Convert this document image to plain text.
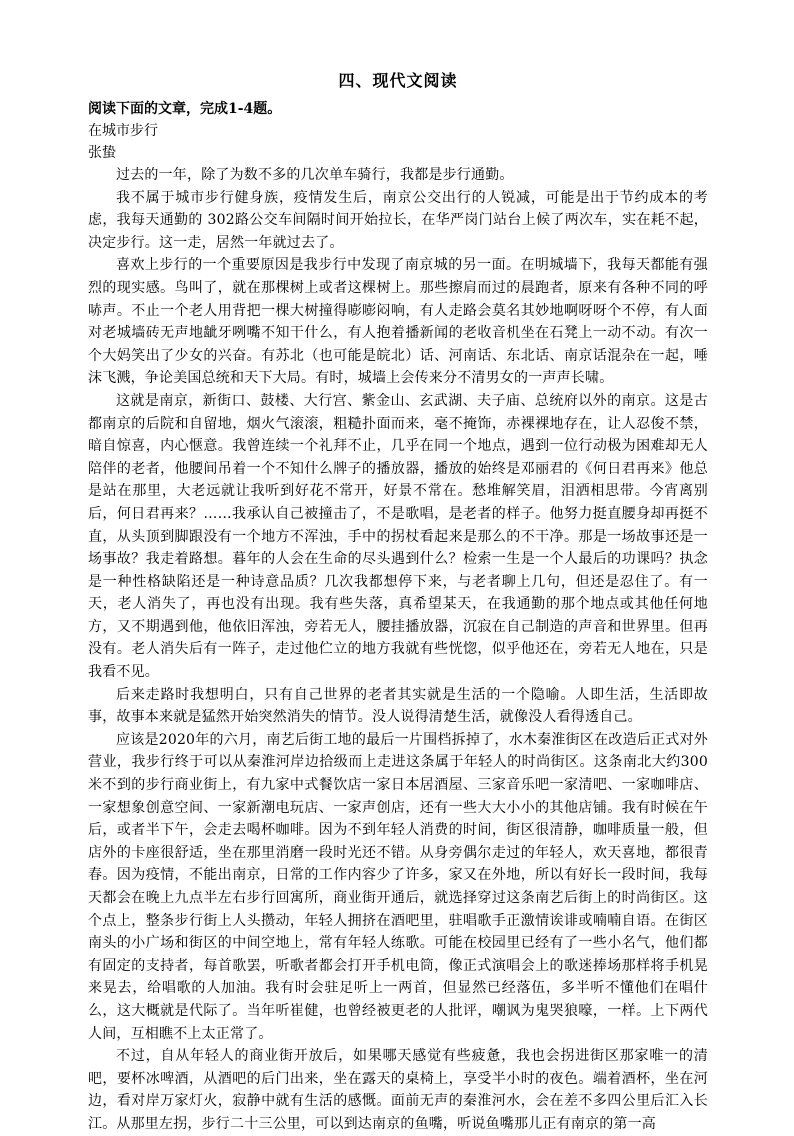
四、现代文阅读

阅读下面的文章，完成1-4题。

在城市步行

张蛰

过去的一年，除了为数不多的几次单车骑行，我都是步行通勤。

我不属于城市步行健身族，疫情发生后，南京公交出行的人锐减，可能是出于节约成本的考虑，我每天通勤的 302路公交车间隔时间开始拉长，在华严岗门站台上候了两次车，实在耗不起，决定步行。这一走，居然一年就过去了。

喜欢上步行的一个重要原因是我步行中发现了南京城的另一面。在明城墙下，我每天都能有强烈的现实感。鸟叫了，就在那棵树上或者这棵树上。那些擦肩而过的晨跑者，原来有各种不同的呼哧声。不止一个老人用背把一棵大树撞得嘭嘭闷响，有人走路会莫名其妙地啊呀呀个不停，有人面对老城墙砖无声地龇牙咧嘴不知干什么，有人抱着播新闻的老收音机坐在石凳上一动不动。有次一个大妈笑出了少女的兴奋。有苏北（也可能是皖北）话、河南话、东北话、南京话混杂在一起，唾沫飞溅，争论美国总统和天下大局。有时，城墙上会传来分不清男女的一声声长啸。

这就是南京，新街口、鼓楼、大行宫、紫金山、玄武湖、夫子庙、总统府以外的南京。这是古都南京的后院和自留地，烟火气滚滚，粗糙扑面而来，毫不掩饰，赤裸裸地存在，让人忍俊不禁，暗自惊喜，内心惬意。我曾连续一个礼拜不止，几乎在同一个地点，遇到一位行动极为困难却无人陪伴的老者，他腰间吊着一个不知什么牌子的播放器，播放的始终是邓丽君的《何日君再来》他总是站在那里，大老远就让我听到好花不常开，好景不常在。愁堆解笑眉，泪洒相思带。今宵离别后，何日君再来？……我承认自己被撞击了，不是歌唱，是老者的样子。他努力挺直腰身却再挺不直，从头顶到脚跟没有一个地方不浑浊，手中的拐杖看起来是那么的不干净。那是一场故事还是一场事故？我走着路想。暮年的人会在生命的尽头遇到什么？检索一生是一个人最后的功课吗？执念是一种性格缺陷还是一种诗意品质？几次我都想停下来，与老者聊上几句，但还是忍住了。有一天，老人消失了，再也没有出现。我有些失落，真希望某天，在我通勤的那个地点或其他任何地方，又不期遇到他，他依旧浑浊，旁若无人，腰挂播放器，沉寂在自己制造的声音和世界里。但再没有。老人消失后有一阵子，走过他伫立的地方我就有些恍惚，似乎他还在，旁若无人地在，只是我看不见。

后来走路时我想明白，只有自己世界的老者其实就是生活的一个隐喻。人即生活，生活即故事，故事本来就是猛然开始突然消失的情节。没人说得清楚生活，就像没人看得透自己。

应该是2020年的六月，南艺后街工地的最后一片围档拆掉了，水木秦淮街区在改造后正式对外营业，我步行终于可以从秦淮河岸边拾级而上走进这条属于年轻人的时尚街区。这条南北大约300米不到的步行商业街上，有九家中式餐饮店一家日本居酒屋、三家音乐吧一家清吧、一家咖啡店、一家想象创意空间、一家新潮电玩店、一家声创店，还有一些大大小小的其他店铺。我有时候在午后，或者半下午，会走去喝杯咖啡。因为不到年轻人消费的时间，街区很清静，咖啡质量一般，但店外的卡座很舒适，坐在那里消磨一段时光还不错。从身旁偶尔走过的年轻人，欢天喜地，都很青春。因为疫情，不能出南京，日常的工作内容少了许多，家又在外地，所以有好长一段时间，我每天都会在晚上九点半左右步行回寓所，商业街开通后，就选择穿过这条南艺后街上的时尚街区。这个点上，整条步行街上人头攒动，年轻人拥挤在酒吧里，驻唱歌手正激情诶诽或喃喃自语。在街区南头的小广场和街区的中间空地上，常有年轻人练歌。可能在校园里已经有了一些小名气，他们都有固定的支持者，每首歌罢，听歌者都会打开手机电筒，像正式演唱会上的歌迷捧场那样将手机晃来晃去，给唱歌的人加油。我有时会驻足听上一两首，但显然已经落伍，多半听不懂他们在唱什么，这大概就是代际了。当年听崔健，也曾经被更老的人批评，嘲讽为鬼哭狼嚎，一样。上下两代人间，互相瞧不上太正常了。

不过，自从年轻人的商业街开放后，如果哪天感觉有些疲惫，我也会拐进街区那家唯一的清吧，要杯冰啤酒，从酒吧的后门出来，坐在露天的桌椅上，享受半小时的夜色。端着酒杯，坐在河边，看对岸万家灯火，寂静中就有生活的感慨。面前无声的秦淮河水，会在差不多四公里后汇入长江。从那里左拐，步行二十三公里，可以到达南京的鱼嘴，听说鱼嘴那儿正有南京的第一高
